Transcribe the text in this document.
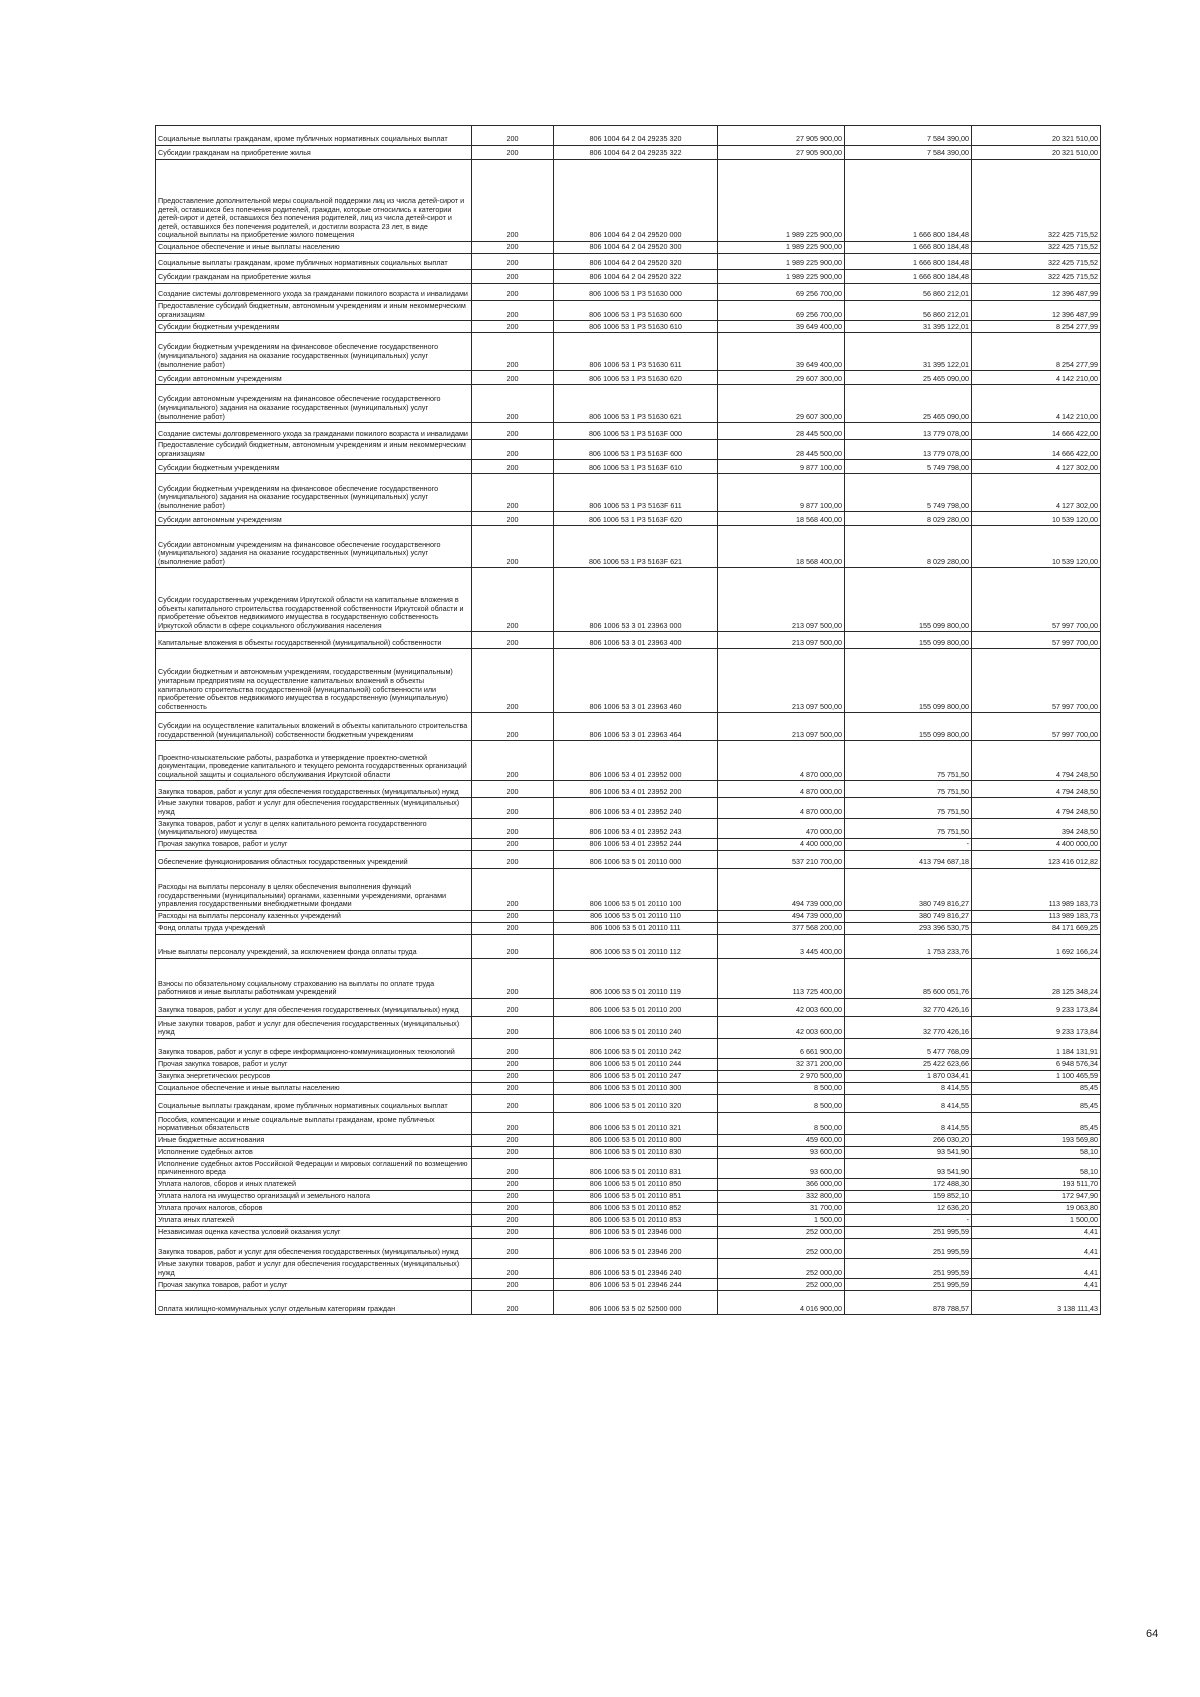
Социальные выплаты гражданам, кроме публичных нормативных социальных выплат	200	806 1004 64 2 04 29235 320	27 905 900,00	7 584 390,00	20 321 510,00
Субсидии гражданам на приобретение жилья	200	806 1004 64 2 04 29235 322	27 905 900,00	7 584 390,00	20 321 510,00
Предоставление дополнительной меры социальной поддержки лиц из числа детей-сирот и детей, оставшихся без попечения родителей, граждан, которые относились к категории детей-сирот и детей, оставшихся без попечения родителей, лиц из числа детей-сирот и детей, оставшихся без попечения родителей, и достигли возраста 23 лет, в виде социальной выплаты на приобретение жилого помещения	200	806 1004 64 2 04 29520 000	1 989 225 900,00	1 666 800 184,48	322 425 715,52
Социальное обеспечение и иные выплаты населению	200	806 1004 64 2 04 29520 300	1 989 225 900,00	1 666 800 184,48	322 425 715,52
Социальные выплаты гражданам, кроме публичных нормативных социальных выплат	200	806 1004 64 2 04 29520 320	1 989 225 900,00	1 666 800 184,48	322 425 715,52
Субсидии гражданам на приобретение жилья	200	806 1004 64 2 04 29520 322	1 989 225 900,00	1 666 800 184,48	322 425 715,52
Создание системы долговременного ухода за гражданами пожилого возраста и инвалидами	200	806 1006 53 1 Р3 51630 000	69 256 700,00	56 860 212,01	12 396 487,99
Предоставление субсидий бюджетным, автономным учреждениям и иным некоммерческим организациям	200	806 1006 53 1 Р3 51630 600	69 256 700,00	56 860 212,01	12 396 487,99
Субсидии бюджетным учреждениям	200	806 1006 53 1 Р3 51630 610	39 649 400,00	31 395 122,01	8 254 277,99
Субсидии бюджетным учреждениям на финансовое обеспечение государственного (муниципального) задания на оказание государственных (муниципальных) услуг (выполнение работ)	200	806 1006 53 1 Р3 51630 611	39 649 400,00	31 395 122,01	8 254 277,99
Субсидии автономным учреждениям	200	806 1006 53 1 Р3 51630 620	29 607 300,00	25 465 090,00	4 142 210,00
Субсидии автономным учреждениям на финансовое обеспечение государственного (муниципального) задания на оказание государственных (муниципальных) услуг (выполнение работ)	200	806 1006 53 1 Р3 51630 621	29 607 300,00	25 465 090,00	4 142 210,00
Создание системы долговременного ухода за гражданами пожилого возраста и инвалидами	200	806 1006 53 1 Р3 5163F 000	28 445 500,00	13 779 078,00	14 666 422,00
Предоставление субсидий бюджетным, автономным учреждениям и иным некоммерческим организациям	200	806 1006 53 1 Р3 5163F 600	28 445 500,00	13 779 078,00	14 666 422,00
Субсидии бюджетным учреждениям	200	806 1006 53 1 Р3 5163F 610	9 877 100,00	5 749 798,00	4 127 302,00
Субсидии бюджетным учреждениям на финансовое обеспечение государственного (муниципального) задания на оказание государственных (муниципальных) услуг (выполнение работ)	200	806 1006 53 1 Р3 5163F 611	9 877 100,00	5 749 798,00	4 127 302,00
Субсидии автономным учреждениям	200	806 1006 53 1 Р3 5163F 620	18 568 400,00	8 029 280,00	10 539 120,00
Субсидии автономным учреждениям на финансовое обеспечение государственного (муниципального) задания на оказание государственных (муниципальных) услуг (выполнение работ)	200	806 1006 53 1 Р3 5163F 621	18 568 400,00	8 029 280,00	10 539 120,00
Субсидии государственным учреждениям Иркутской области на капитальные вложения в объекты капитального строительства государственной собственности Иркутской области и приобретение объектов недвижимого имущества в государственную собственность Иркутской области в сфере социального обслуживания населения	200	806 1006 53 3 01 23963 000	213 097 500,00	155 099 800,00	57 997 700,00
Капитальные вложения в объекты государственной (муниципальной) собственности	200	806 1006 53 3 01 23963 400	213 097 500,00	155 099 800,00	57 997 700,00
Субсидии бюджетным и автономным учреждениям, государственным (муниципальным) унитарным предприятиям на осуществление капитальных вложений в объекты капитального строительства государственной (муниципальной) собственности или приобретение объектов недвижимого имущества в государственную (муниципальную) собственность	200	806 1006 53 3 01 23963 460	213 097 500,00	155 099 800,00	57 997 700,00
Субсидии на осуществление капитальных вложений в объекты капитального строительства государственной (муниципальной) собственности бюджетным учреждениям	200	806 1006 53 3 01 23963 464	213 097 500,00	155 099 800,00	57 997 700,00
Проектно-изыскательские работы, разработка и утверждение проектно-сметной документации, проведение капитального и текущего ремонта государственных организаций социальной защиты и социального обслуживания Иркутской области	200	806 1006 53 4 01 23952 000	4 870 000,00	75 751,50	4 794 248,50
Закупка товаров, работ и услуг для обеспечения государственных (муниципальных) нужд	200	806 1006 53 4 01 23952 200	4 870 000,00	75 751,50	4 794 248,50
Иные закупки товаров, работ и услуг для обеспечения государственных (муниципальных) нужд	200	806 1006 53 4 01 23952 240	4 870 000,00	75 751,50	4 794 248,50
Закупка товаров, работ и услуг в целях капитального ремонта государственного (муниципального) имущества	200	806 1006 53 4 01 23952 243	470 000,00	75 751,50	394 248,50
Прочая закупка товаров, работ и услуг	200	806 1006 53 4 01 23952 244	4 400 000,00	-	4 400 000,00
Обеспечение функционирования областных государственных учреждений	200	806 1006 53 5 01 20110 000	537 210 700,00	413 794 687,18	123 416 012,82
Расходы на выплаты персоналу в целях обеспечения выполнения функций государственными (муниципальными) органами, казенными учреждениями, органами управления государственными внебюджетными фондами	200	806 1006 53 5 01 20110 100	494 739 000,00	380 749 816,27	113 989 183,73
Расходы на выплаты персоналу казенных учреждений	200	806 1006 53 5 01 20110 110	494 739 000,00	380 749 816,27	113 989 183,73
Фонд оплаты труда учреждений	200	806 1006 53 5 01 20110 111	377 568 200,00	293 396 530,75	84 171 669,25
Иные выплаты персоналу учреждений, за исключением фонда оплаты труда	200	806 1006 53 5 01 20110 112	3 445 400,00	1 753 233,76	1 692 166,24
Взносы по обязательному социальному страхованию на выплаты по оплате труда работников и иные выплаты работникам учреждений	200	806 1006 53 5 01 20110 119	113 725 400,00	85 600 051,76	28 125 348,24
Закупка товаров, работ и услуг для обеспечения государственных (муниципальных) нужд	200	806 1006 53 5 01 20110 200	42 003 600,00	32 770 426,16	9 233 173,84
Иные закупки товаров, работ и услуг для обеспечения государственных (муниципальных) нужд	200	806 1006 53 5 01 20110 240	42 003 600,00	32 770 426,16	9 233 173,84
Закупка товаров, работ и услуг в сфере информационно-коммуникационных технологий	200	806 1006 53 5 01 20110 242	6 661 900,00	5 477 768,09	1 184 131,91
Прочая закупка товаров, работ и услуг	200	806 1006 53 5 01 20110 244	32 371 200,00	25 422 623,66	6 948 576,34
Закупка энергетических ресурсов	200	806 1006 53 5 01 20110 247	2 970 500,00	1 870 034,41	1 100 465,59
Социальное обеспечение и иные выплаты населению	200	806 1006 53 5 01 20110 300	8 500,00	8 414,55	85,45
Социальные выплаты гражданам, кроме публичных нормативных социальных выплат	200	806 1006 53 5 01 20110 320	8 500,00	8 414,55	85,45
Пособия, компенсации и иные социальные выплаты гражданам, кроме публичных нормативных обязательств	200	806 1006 53 5 01 20110 321	8 500,00	8 414,55	85,45
Иные бюджетные ассигнования	200	806 1006 53 5 01 20110 800	459 600,00	266 030,20	193 569,80
Исполнение судебных актов	200	806 1006 53 5 01 20110 830	93 600,00	93 541,90	58,10
Исполнение судебных актов Российской Федерации и мировых соглашений по возмещению причиненного вреда	200	806 1006 53 5 01 20110 831	93 600,00	93 541,90	58,10
Уплата налогов, сборов и иных платежей	200	806 1006 53 5 01 20110 850	366 000,00	172 488,30	193 511,70
Уплата налога на имущество организаций и земельного налога	200	806 1006 53 5 01 20110 851	332 800,00	159 852,10	172 947,90
Уплата прочих налогов, сборов	200	806 1006 53 5 01 20110 852	31 700,00	12 636,20	19 063,80
Уплата иных платежей	200	806 1006 53 5 01 20110 853	1 500,00	-	1 500,00
Независимая оценка качества условий оказания услуг	200	806 1006 53 5 01 23946 000	252 000,00	251 995,59	4,41
Закупка товаров, работ и услуг для обеспечения государственных (муниципальных) нужд	200	806 1006 53 5 01 23946 200	252 000,00	251 995,59	4,41
Иные закупки товаров, работ и услуг для обеспечения государственных (муниципальных) нужд	200	806 1006 53 5 01 23946 240	252 000,00	251 995,59	4,41
Прочая закупка товаров, работ и услуг	200	806 1006 53 5 01 23946 244	252 000,00	251 995,59	4,41
Оплата жилищно-коммунальных услуг отдельным категориям граждан	200	806 1006 53 5 02 52500 000	4 016 900,00	878 788,57	3 138 111,43
64
